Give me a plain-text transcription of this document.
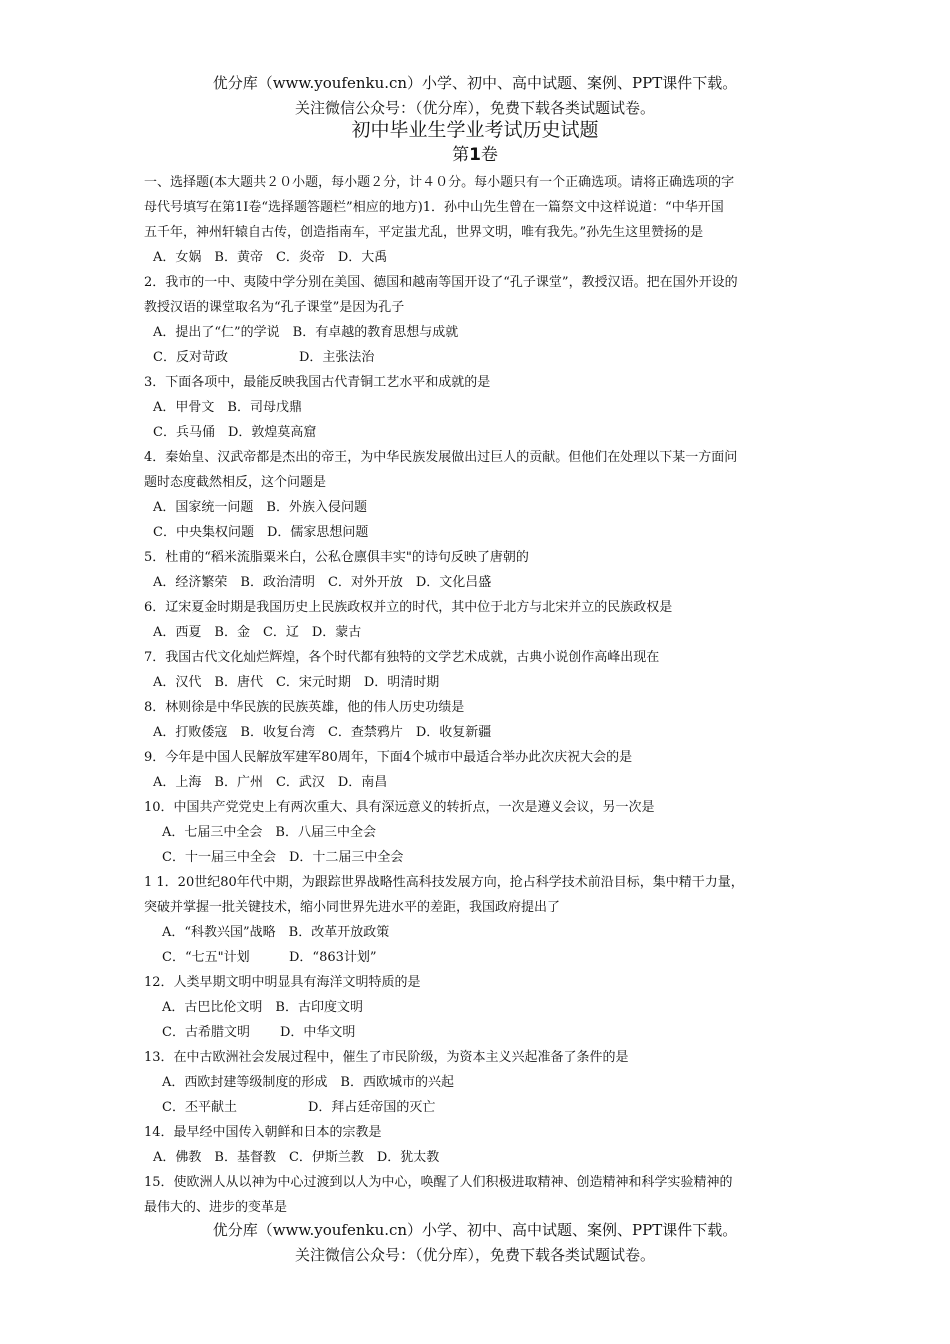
优分库（www.youfenku.cn）小学、初中、高中试题、案例、PPT课件下载。
关注微信公众号：（优分库），免费下载各类试题试卷。
初中毕业生学业考试历史试题
第1卷
一、选择题(本大题共２０小题，每小题２分，计４０分。每小题只有一个正确选项。请将正确选项的字
母代号填写在第1Ⅰ卷“选择题答题栏”相应的地方)1．孙中山先生曾在一篇祭文中这样说道：“中华开国
五千年，神州轩辕自古传，创造指南车，平定蚩尤乱，世界文明，唯有我先。”孙先生这里赞扬的是
A．女娲　B．黄帝　C．炎帝　D．大禹
2．我市的一中、夷陵中学分别在美国、德国和越南等国开设了“孔子课堂”，教授汉语。把在国外开设的
教授汉语的课堂取名为“孔子课堂”是因为孔子
A．提出了“仁”的学说　B．有卓越的教育思想与成就
C．反对苛政	D．主张法治
3．下面各项中，最能反映我国古代青铜工艺水平和成就的是
A．甲骨文　B．司母戊鼎
C．兵马俑　D．敦煌莫高窟
4．秦始皇、汉武帝都是杰出的帝王，为中华民族发展做出过巨人的贡献。但他们在处理以下某一方面问
题时态度截然相反，这个问题是
A．国家统一问题　B．外族入侵问题
C．中央集权问题　D．儒家思想问题
5．杜甫的“稻米流脂粟米白，公私仓廪俱丰实"的诗句反映了唐朝的
A．经济繁荣　B．政治清明　C．对外开放　D．文化吕盛
6．辽宋夏金时期是我国历史上民族政权并立的时代，其中位于北方与北宋并立的民族政权是
A．西夏　B．金　C．辽　D．蒙古
7．我国古代文化灿烂辉煌，各个时代都有独特的文学艺术成就，古典小说创作高峰出现在
A．汉代　B．唐代　C．宋元时期　D．明清时期
8．林则徐是中华民族的民族英雄，他的伟人历史功绩是
A．打败倭寇　B．收复台湾　C．查禁鸦片　D．收复新疆
9．今年是中国人民解放军建军80周年，下面4个城市中最适合举办此次庆祝大会的是
A．上海　B．广州　C．武汉　D．南昌
10．中国共产党党史上有两次重大、具有深远意义的转折点，一次是遵义会议，另一次是
A．七届三中全会　B．八届三中全会
C．十一届三中全会　D．十二届三中全会
1 1．20世纪80年代中期，为跟踪世界战略性高科技发展方向，抢占科学技术前沿目标，集中精干力量，
突破并掌握一批关键技术，缩小同世界先进水平的差距，我国政府提出了
A．“科教兴国”战略　B．改革开放政策
C．“七五"计划	D．“863计划”
12．人类早期文明中明显具有海洋文明特质的是
A．古巴比伦文明　B．古印度文明
C．古希腊文明 D．中华文明
13．在中古欧洲社会发展过程中，催生了市民阶级，为资本主义兴起准备了条件的是
A．西欧封建等级制度的形成　B．西欧城市的兴起
C．丕平献土	D．拜占廷帝国的灭亡
14．最早经中国传入朝鲜和日本的宗教是
A．佛教　B．基督教　C．伊斯兰教　D．犹太教
15．使欧洲人从以神为中心过渡到以人为中心，唤醒了人们积极进取精神、创造精神和科学实验精神的
最伟大的、进步的变革是
优分库（www.youfenku.cn）小学、初中、高中试题、案例、PPT课件下载。
关注微信公众号：（优分库），免费下载各类试题试卷。
